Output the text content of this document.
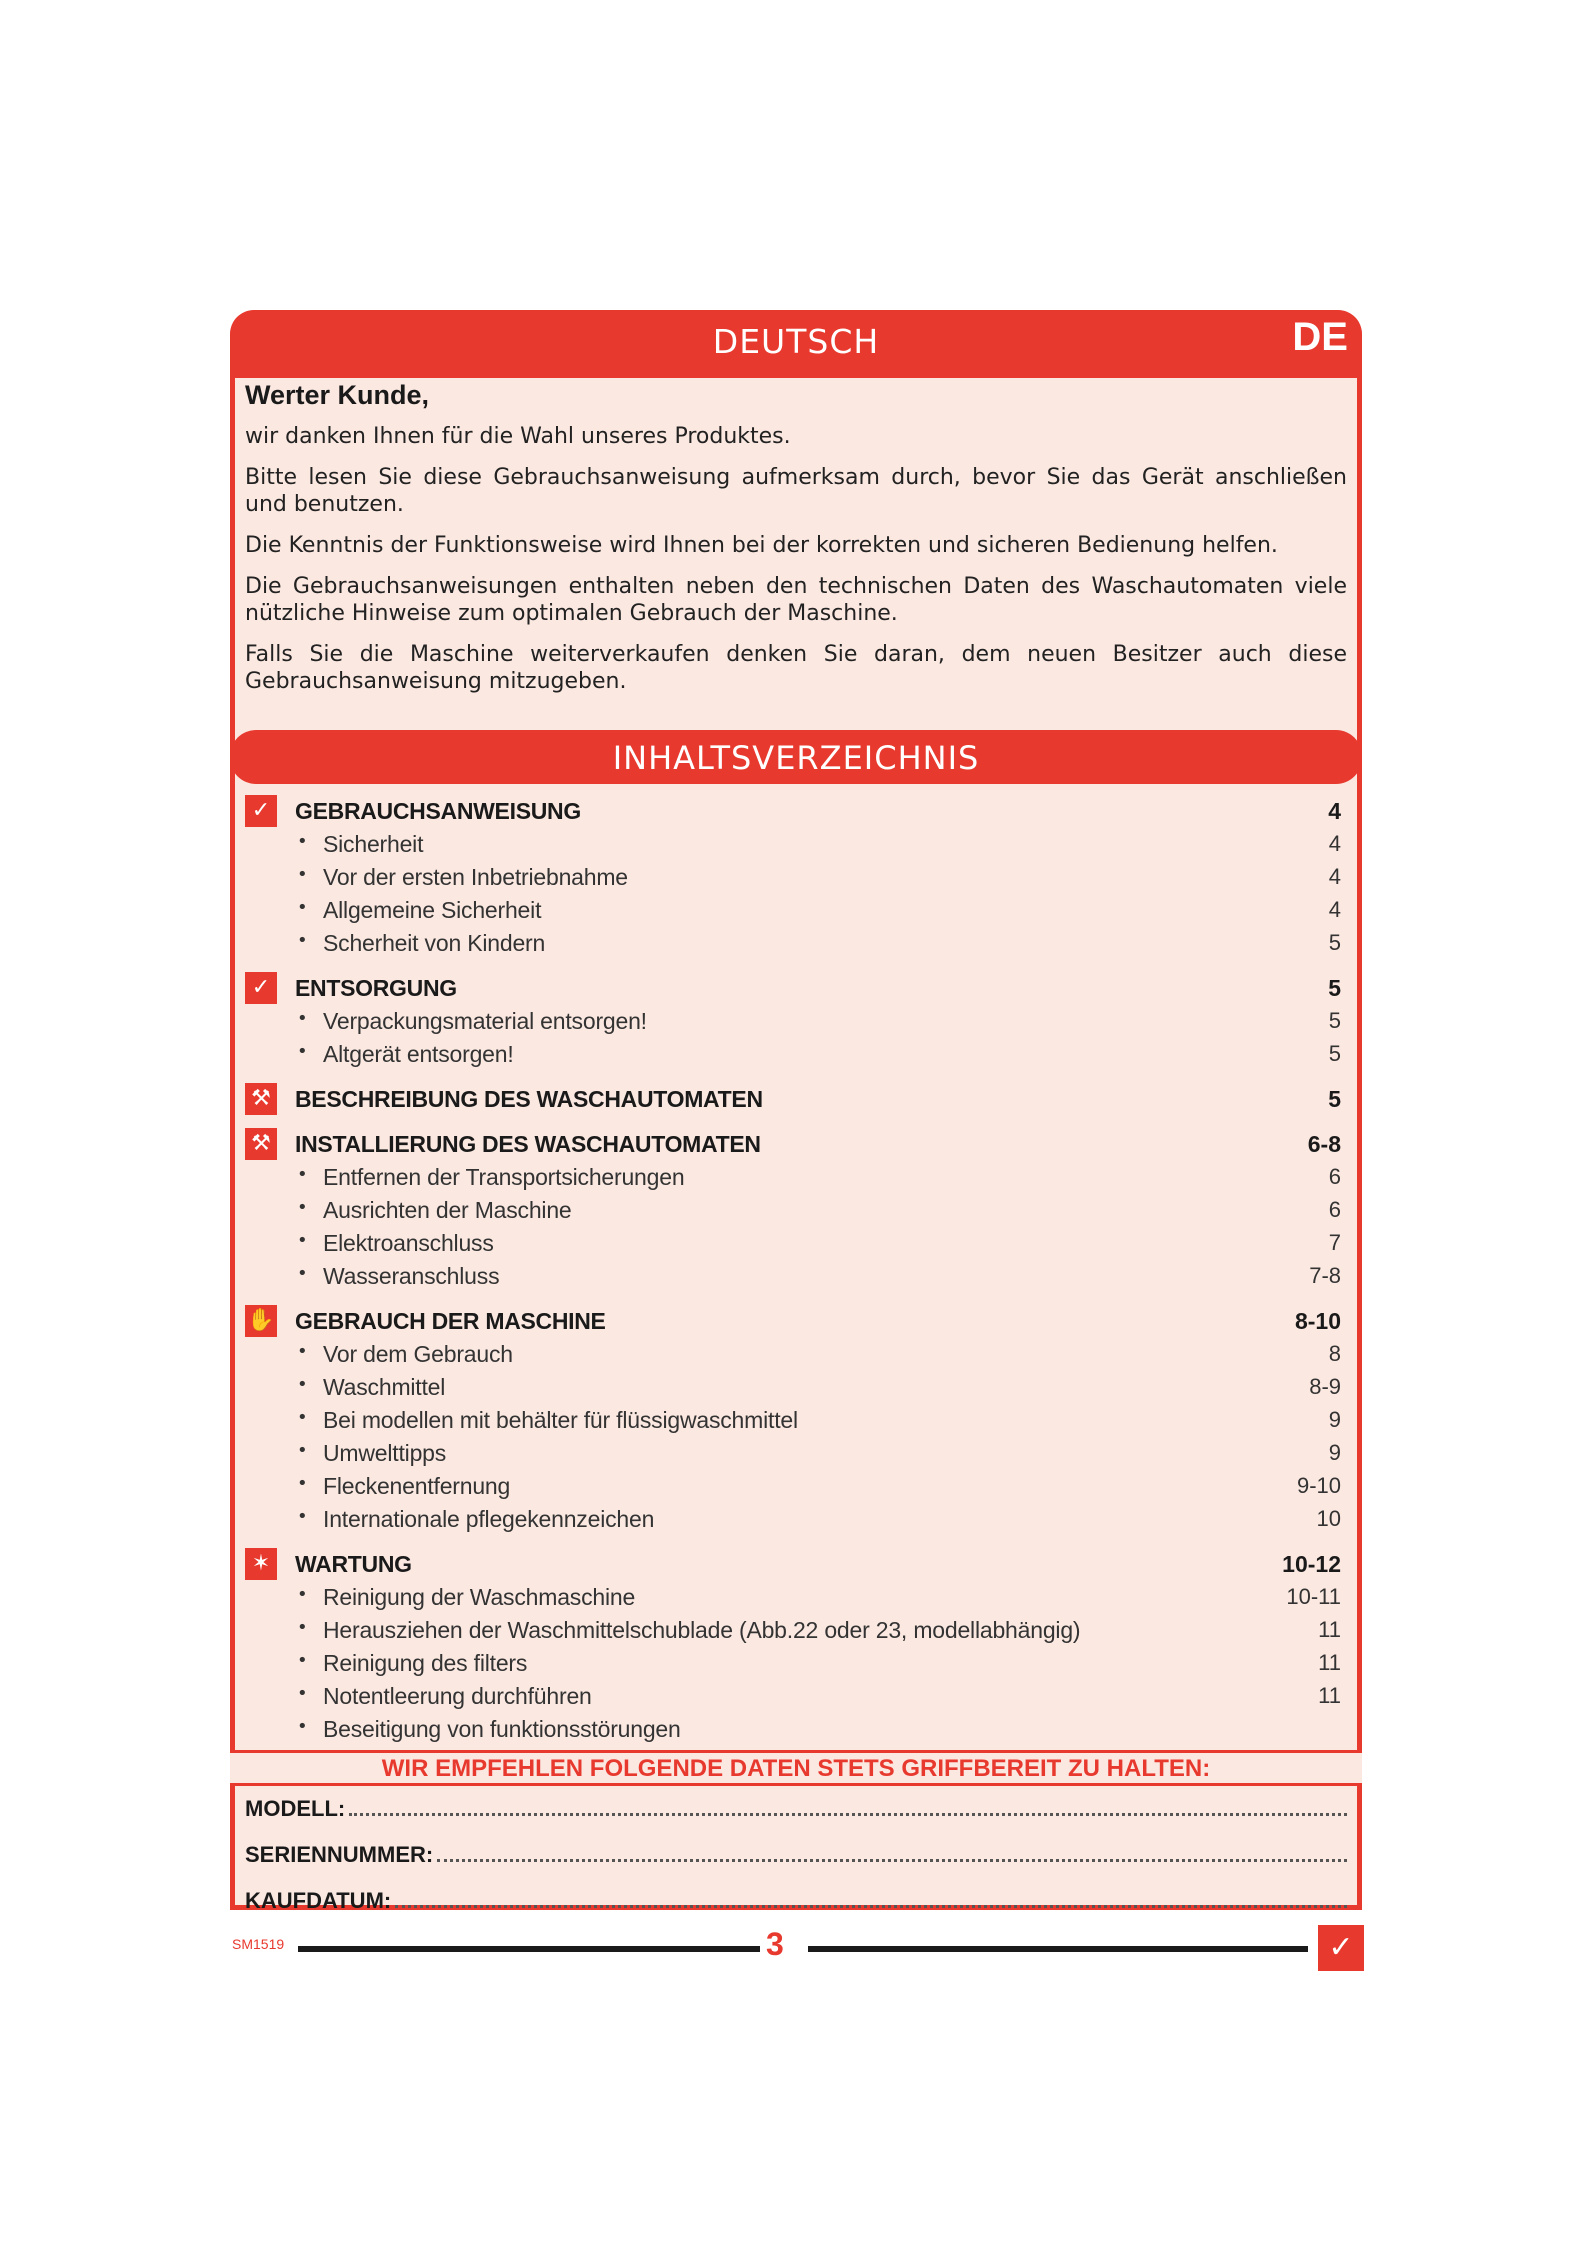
DEUTSCH	DE
Werter Kunde,

wir danken Ihnen für die Wahl unseres Produktes.

Bitte lesen Sie diese Gebrauchsanweisung aufmerksam durch, bevor Sie das Gerät anschließen und benutzen.

Die Kenntnis der Funktionsweise wird Ihnen bei der korrekten und sicheren Bedienung helfen.

Die Gebrauchsanweisungen enthalten neben den technischen Daten des Waschautomaten viele nützliche Hinweise zum optimalen Gebrauch der Maschine.

Falls Sie die Maschine weiterverkaufen denken Sie daran, dem neuen Besitzer auch diese Gebrauchsanweisung mitzugeben.

INHALTSVERZEICHNIS
✓ GEBRAUCHSANWEISUNG	4
• Sicherheit	4
• Vor der ersten Inbetriebnahme	4
• Allgemeine Sicherheit	4
• Scherheit von Kindern	5
✓ ENTSORGUNG	5
• Verpackungsmaterial entsorgen!	5
• Altgerät entsorgen!	5
⚒ BESCHREIBUNG DES WASCHAUTOMATEN	5
⚒ INSTALLIERUNG DES WASCHAUTOMATEN	6-8
• Entfernen der Transportsicherungen	6
• Ausrichten der Maschine	6
• Elektroanschluss	7
• Wasseranschluss	7-8
✋ GEBRAUCH DER MASCHINE	8-10
• Vor dem Gebrauch	8
• Waschmittel	8-9
• Bei modellen mit behälter für flüssigwaschmittel	9
• Umwelttipps	9
• Fleckenentfernung	9-10
• Internationale pflegekennzeichen	10
✶ WARTUNG	10-12
• Reinigung der Waschmaschine	10-11
• Herausziehen der Waschmittelschublade (Abb.22 oder 23, modellabhängig)	11
• Reinigung des filters	11
• Notentleerung durchführen	11
• Beseitigung von funktionsstörungen
WIR EMPFEHLEN FOLGENDE DATEN STETS GRIFFBEREIT ZU HALTEN:
MODELL:
SERIENNUMMER:
KAUFDATUM:
SM1519	3	✓
